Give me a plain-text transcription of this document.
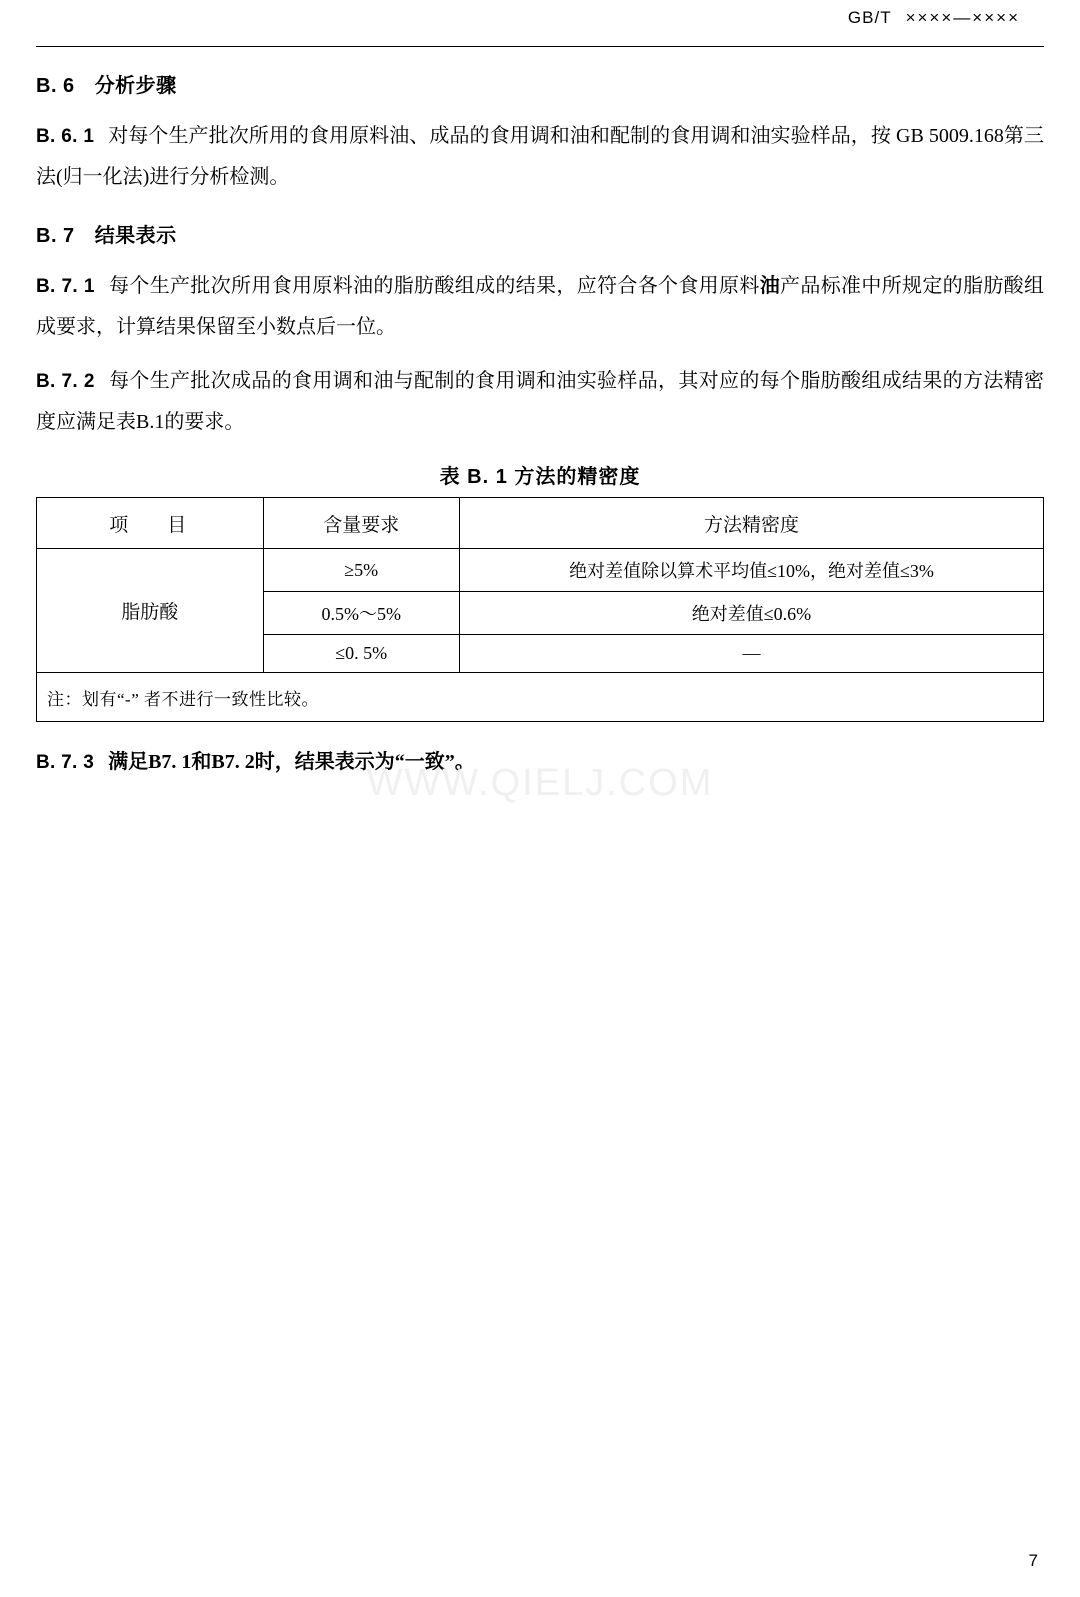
GB/T ××××—××××
B. 6 分析步骤

B. 6. 1 对每个生产批次所用的食用原料油、成品的食用调和油和配制的食用调和油实验样品，按 GB 5009.168第三法(归一化法)进行分析检测。

B. 7 结果表示

B. 7. 1 每个生产批次所用食用原料油的脂肪酸组成的结果，应符合各个食用原料油产品标准中所规定的脂肪酸组成要求，计算结果保留至小数点后一位。

B. 7. 2 每个生产批次成品的食用调和油与配制的食用调和油实验样品，其对应的每个脂肪酸组成结果的方法精密度应满足表B.1的要求。

表 B. 1 方法的精密度
项　目	含量要求	方法精密度
脂肪酸	≥5%	绝对差值除以算术平均值≤10%，绝对差值≤3%
	0.5%～5%	绝对差值≤0.6%
	≤0. 5%	—
注：划有“-” 者不进行一致性比较。		

B. 7. 3 满足B7. 1和B7. 2时，结果表示为“一致”。

WWW.QIELJ.COM
7
